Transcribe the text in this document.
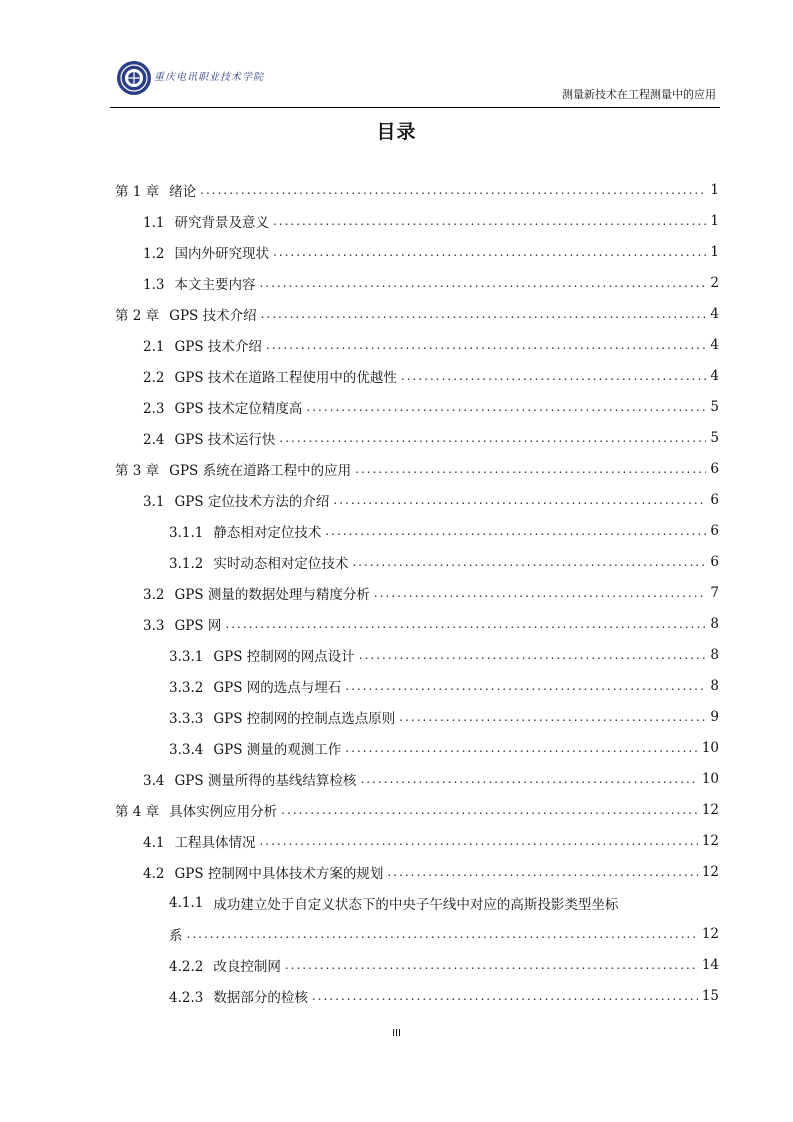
重庆电讯职业技术学院
测量新技术在工程测量中的应用
目录
第 1 章 绪论 .....	1
1.1 研究背景及意义 .....	1
1.2 国内外研究现状 .....	1
1.3 本文主要内容 .....	2
第 2 章 GPS 技术介绍 .....	4
2.1 GPS 技术介绍 .....	4
2.2 GPS 技术在道路工程使用中的优越性 .....	4
2.3 GPS 技术定位精度高 .....	5
2.4 GPS 技术运行快 .....	5
第 3 章 GPS 系统在道路工程中的应用 .....	6
3.1 GPS 定位技术方法的介绍 .....	6
3.1.1 静态相对定位技术 .....	6
3.1.2 实时动态相对定位技术 .....	6
3.2 GPS 测量的数据处理与精度分析 .....	7
3.3 GPS 网 .....	8
3.3.1 GPS 控制网的网点设计 .....	8
3.3.2 GPS 网的选点与埋石 .....	8
3.3.3 GPS 控制网的控制点选点原则 .....	9
3.3.4 GPS 测量的观测工作 .....	10
3.4 GPS 测量所得的基线结算检核 .....	10
第 4 章 具体实例应用分析 .....	12
4.1 工程具体情况 .....	12
4.2 GPS 控制网中具体技术方案的规划 .....	12
4.1.1 成功建立处于自定义状态下的中央子午线中对应的高斯投影类型坐标
系 .....	12
4.2.2 改良控制网 .....	14
4.2.3 数据部分的检核 .....	15
III
